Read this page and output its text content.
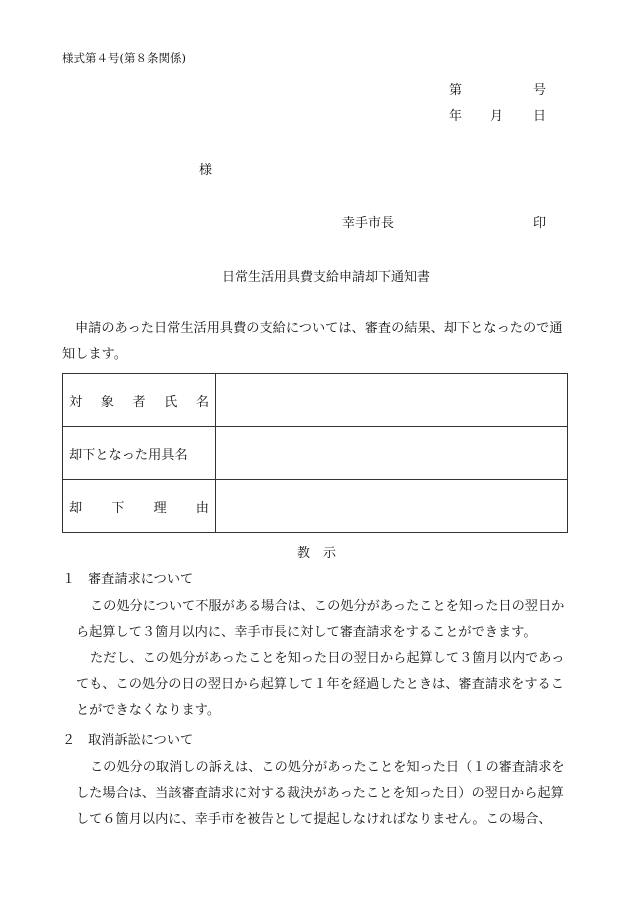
様式第４号(第８条関係)
第	号
年 月 日
様
幸手市長	印
日常生活用具費支給申請却下通知書
申請のあった日常生活用具費の支給については、審査の結果、却下となったので通知します。
対 象 者 氏 名	

却下となった用具名	

却 下 理 由	

教　示
１ 審査請求について
この処分について不服がある場合は、この処分があったことを知った日の翌日から起算して３箇月以内に、幸手市長に対して審査請求をすることができます。
ただし、この処分があったことを知った日の翌日から起算して３箇月以内であっても、この処分の日の翌日から起算して１年を経過したときは、審査請求をすることができなくなります。
２ 取消訴訟について
この処分の取消しの訴えは、この処分があったことを知った日（１の審査請求をした場合は、当該審査請求に対する裁決があったことを知った日）の翌日から起算して６箇月以内に、幸手市を被告として提起しなければなりません。この場合、
